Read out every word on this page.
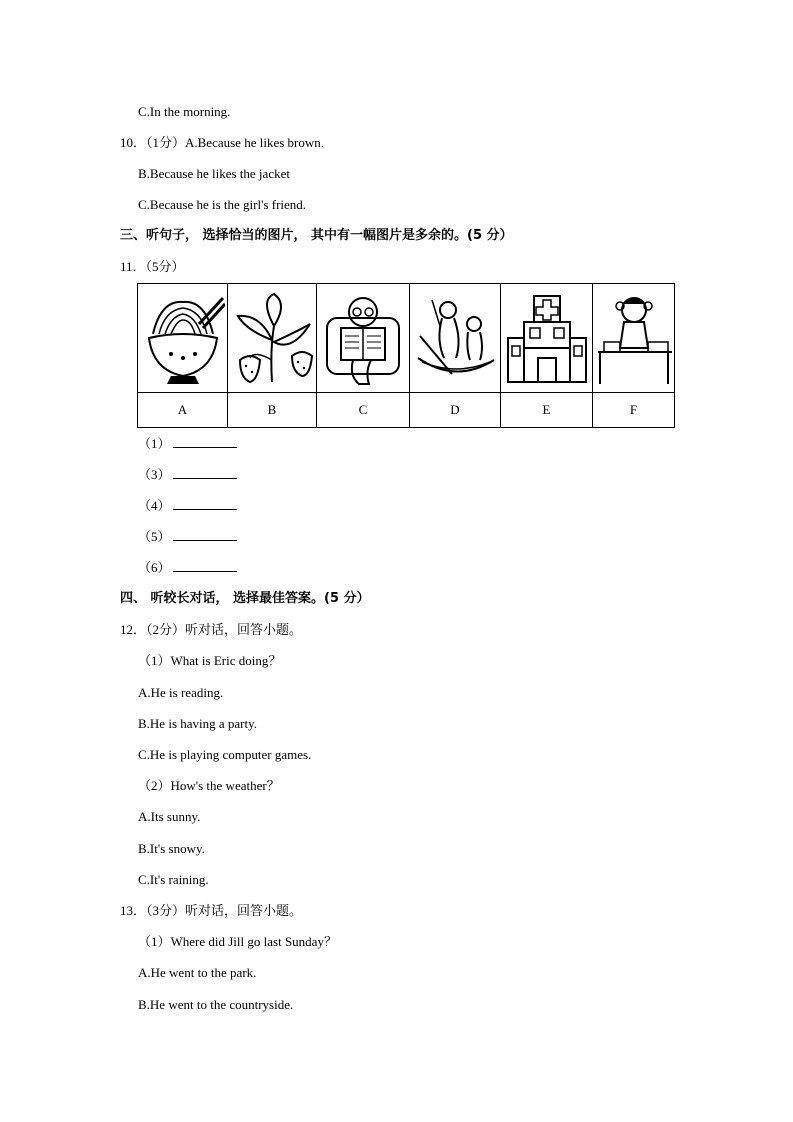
C.In the morning.
10．（1分）A.Because he likes brown.
B.Because he likes the jacket
C.Because he is the girl's friend.
三、听句子， 选择恰当的图片， 其中有一幅图片是多余的。(5 分）
11．（5分）

A	B	C	D	E	F
（1）
（3）
（4）
（5）
（6）
四、 听较长对话， 选择最佳答案。(5 分）
12．（2分）听对话，回答小题。
（1）What is Eric doing？
A.He is reading.
B.He is having a party.
C.He is playing computer games.
（2）How's the weather？
A.Its sunny.
B.It's snowy.
C.It's raining.
13．（3分）听对话，回答小题。
（1）Where did Jill go last Sunday？
A.He went to the park.
B.He went to the countryside.
